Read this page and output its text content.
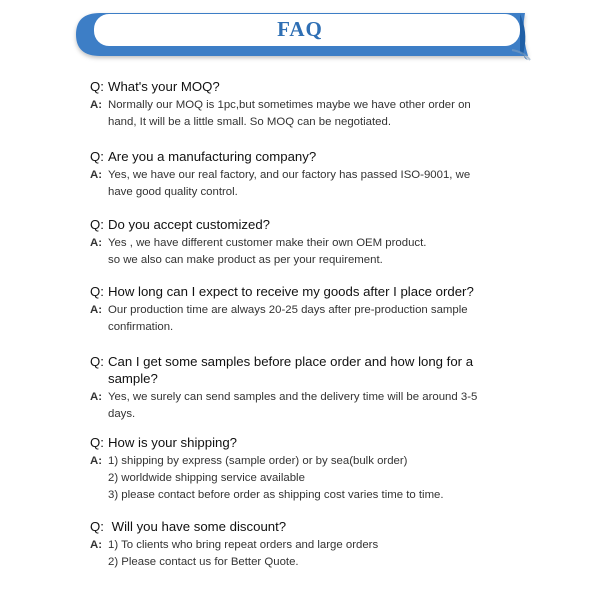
FAQ
Q: What's your MOQ?
A: Normally our MOQ is 1pc,but sometimes maybe we have other order on
hand, It will be a little small. So MOQ can be negotiated.
Q: Are you a manufacturing company?
A: Yes, we have our real factory, and our factory has passed ISO-9001, we
have good quality control.
Q: Do you accept customized?
A: Yes , we have different customer make their own OEM product.
so we also can make product as per your requirement.
Q: How long can I expect to receive my goods after I place order?
A: Our production time are always 20-25 days after pre-production sample
confirmation.
Q: Can I get some samples before place order and how long for a
sample?
A: Yes, we surely can send samples and the delivery time will be around 3-5
days.
Q: How is your shipping?
A: 1) shipping by express (sample order) or by sea(bulk order)
2) worldwide shipping service available
3) please contact before order as shipping cost varies time to time.
Q: Will you have some discount?
A: 1) To clients who bring repeat orders and large orders
2) Please contact us for Better Quote.
